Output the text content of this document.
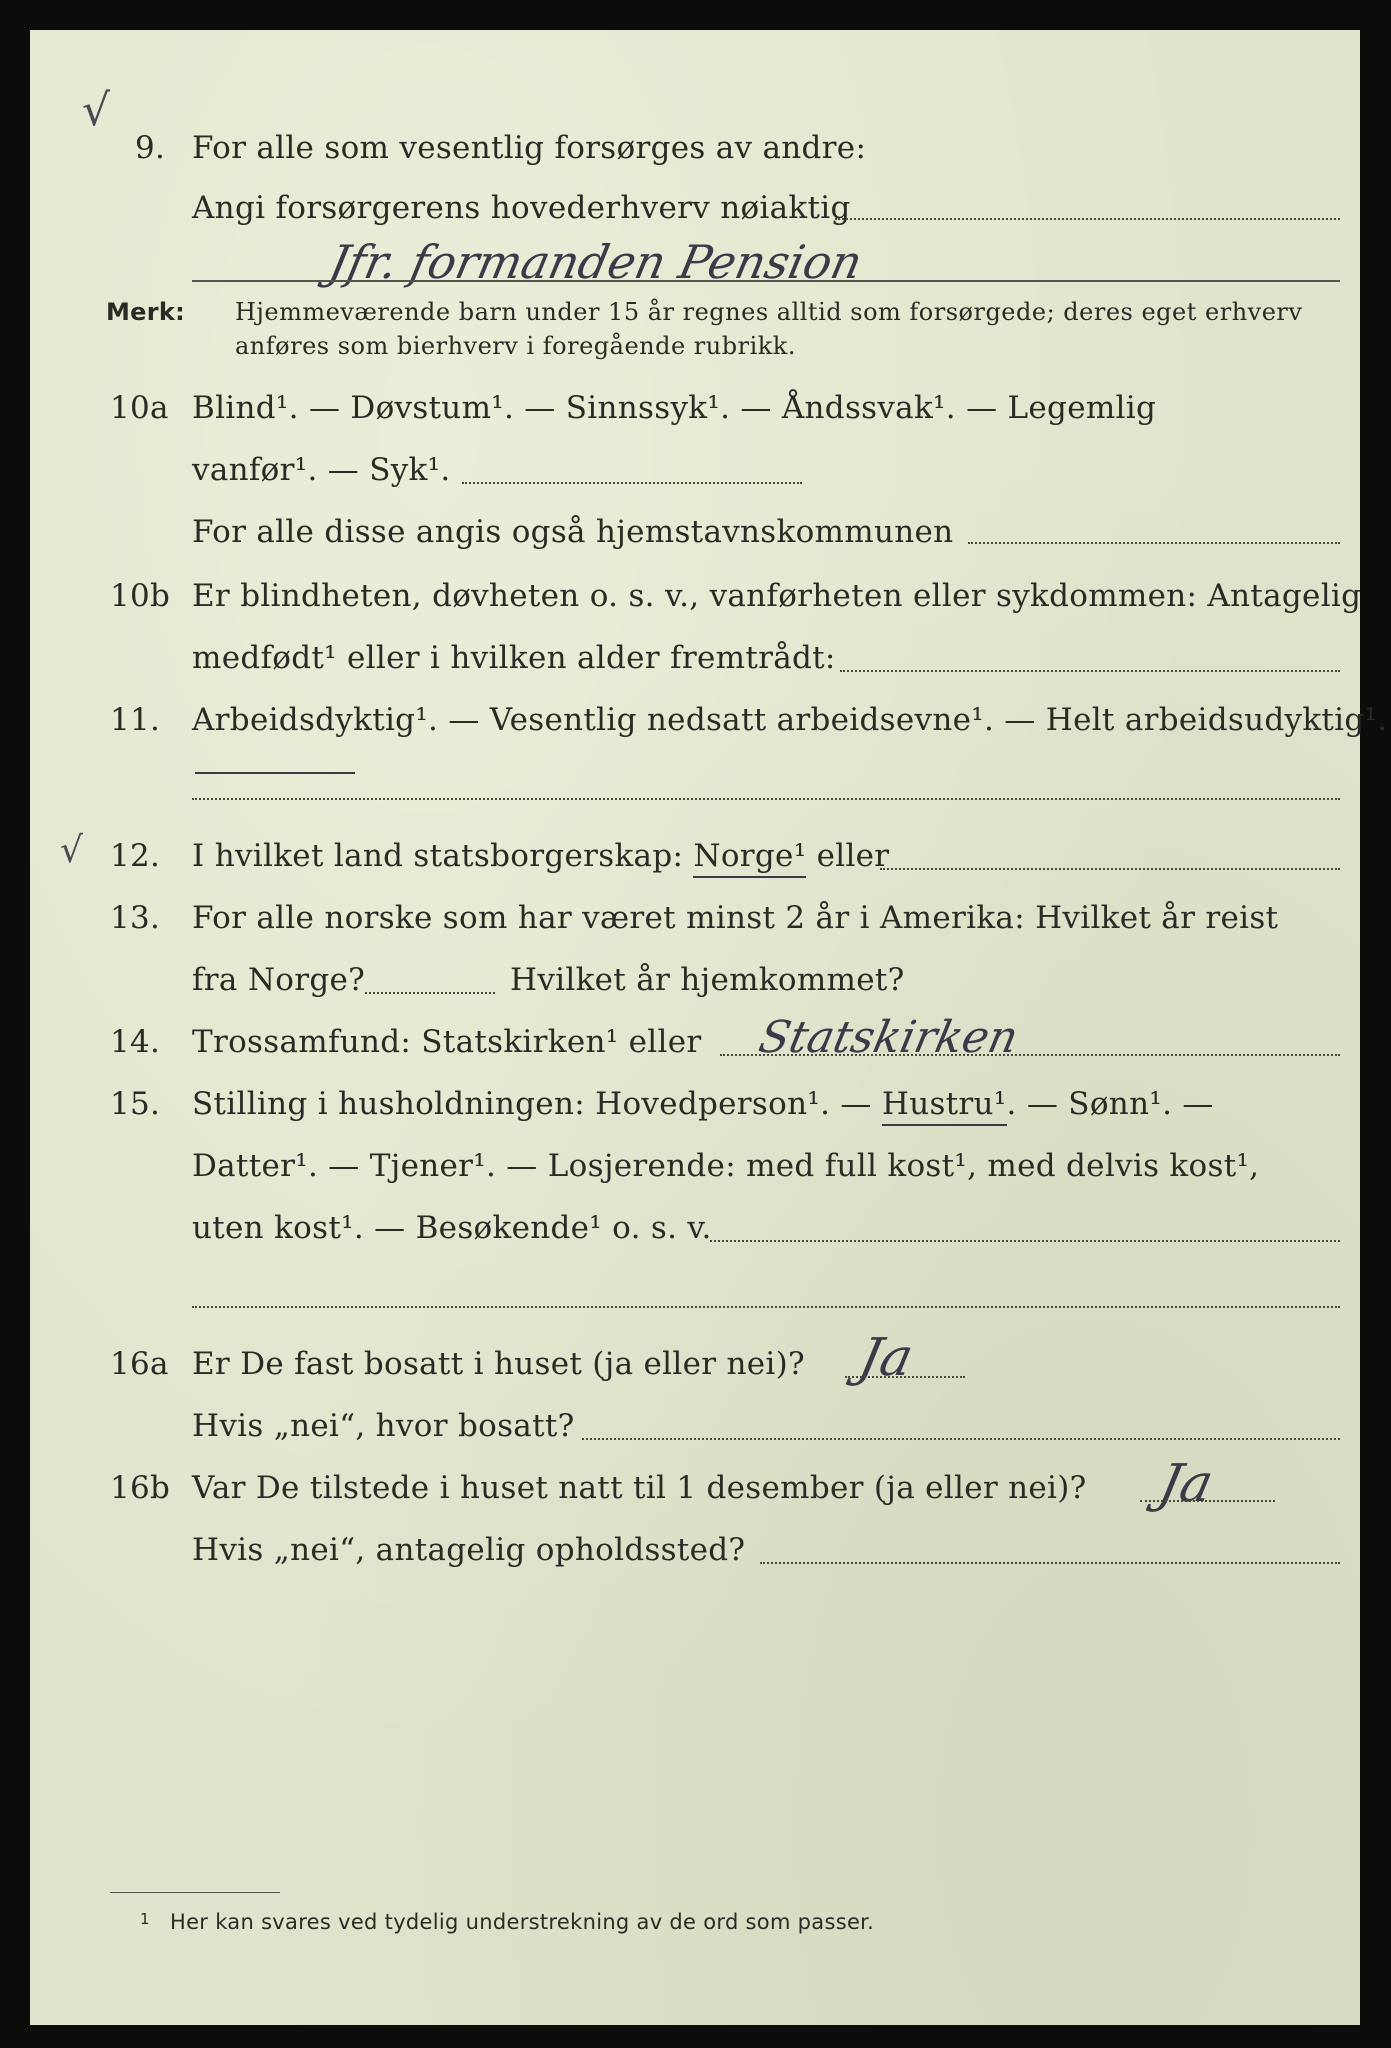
√
9. For alle som vesentlig forsørges av andre:
Angi forsørgerens hovederhverv nøiaktig
Jfr. formanden Pension
Merk: Hjemmeværende barn under 15 år regnes alltid som forsørgede; deres eget erhverv
anføres som bierhverv i foregående rubrikk.
10a Blind¹. — Døvstum¹. — Sinnssyk¹. — Åndssvak¹. — Legemlig
vanfør¹. — Syk¹.
For alle disse angis også hjemstavnskommunen
10b Er blindheten, døvheten o. s. v., vanførheten eller sykdommen: Antagelig
medfødt¹ eller i hvilken alder fremtrådt:
11. Arbeidsdyktig¹. — Vesentlig nedsatt arbeidsevne¹. — Helt arbeidsudyktig¹.
√ 12. I hvilket land statsborgerskap: Norge¹ eller
13. For alle norske som har været minst 2 år i Amerika: Hvilket år reist
fra Norge?	Hvilket år hjemkommet?
14. Trossamfund: Statskirken¹ eller Statskirken
15. Stilling i husholdningen: Hovedperson¹. — Hustru¹. — Sønn¹. —
Datter¹. — Tjener¹. — Losjerende: med full kost¹, med delvis kost¹,
uten kost¹. — Besøkende¹ o. s. v.
16a Er De fast bosatt i huset (ja eller nei)? Ja
Hvis „nei“, hvor bosatt?
16b Var De tilstede i huset natt til 1 desember (ja eller nei)? Ja
Hvis „nei“, antagelig opholdssted?
1 Her kan svares ved tydelig understrekning av de ord som passer.
